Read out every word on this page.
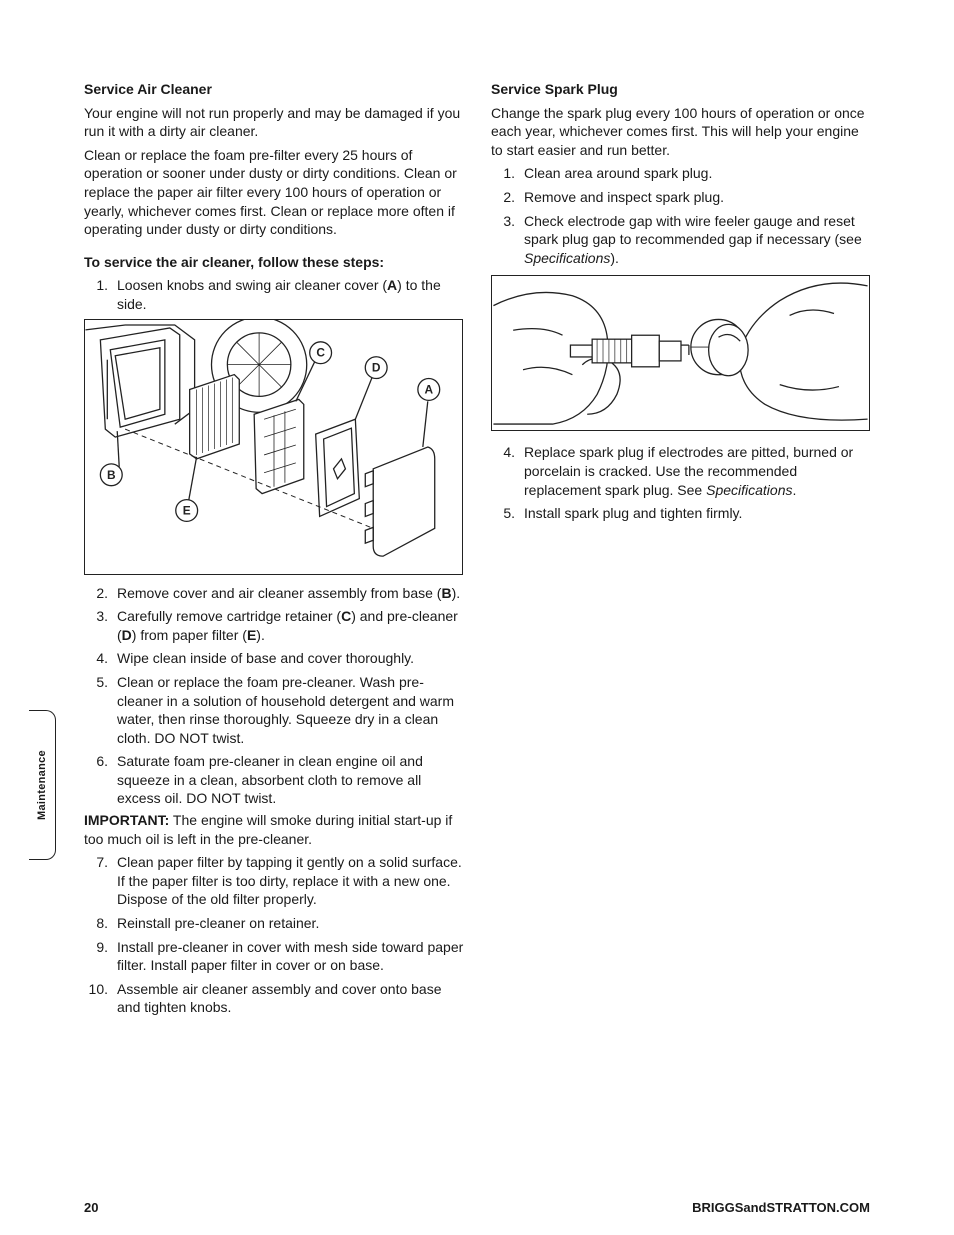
Service Air Cleaner

Your engine will not run properly and may be damaged if you run it with a dirty air cleaner.

Clean or replace the foam pre-filter every 25 hours of operation or sooner under dusty or dirty conditions. Clean or replace the paper air filter every 100 hours of operation or yearly, whichever comes first. Clean or replace more often if operating under dusty or dirty conditions.

To service the air cleaner, follow these steps:
1. Loosen knobs and swing air cleaner cover (A) to the side.
C
D
A
B
E
2. Remove cover and air cleaner assembly from base (B).
3. Carefully remove cartridge retainer (C) and pre-cleaner (D) from paper filter (E).
4. Wipe clean inside of base and cover thoroughly.
5. Clean or replace the foam pre-cleaner. Wash pre-cleaner in a solution of household detergent and warm water, then rinse thoroughly. Squeeze dry in a clean cloth. DO NOT twist.
6. Saturate foam pre-cleaner in clean engine oil and squeeze in a clean, absorbent cloth to remove all excess oil. DO NOT twist.

IMPORTANT: The engine will smoke during initial start-up if too much oil is left in the pre-cleaner.

7. Clean paper filter by tapping it gently on a solid surface. If the paper filter is too dirty, replace it with a new one. Dispose of the old filter properly.
8. Reinstall pre-cleaner on retainer.
9. Install pre-cleaner in cover with mesh side toward paper filter. Install paper filter in cover or on base.
10. Assemble air cleaner assembly and cover onto base and tighten knobs.
Service Spark Plug

Change the spark plug every 100 hours of operation or once each year, whichever comes first. This will help your engine to start easier and run better.

1. Clean area around spark plug.
2. Remove and inspect spark plug.
3. Check electrode gap with wire feeler gauge and reset spark plug gap to recommended gap if necessary (see Specifications).
4. Replace spark plug if electrodes are pitted, burned or porcelain is cracked. Use the recommended replacement spark plug. See Specifications.
5. Install spark plug and tighten firmly.
Maintenance
20	BRIGGSandSTRATTON.COM
